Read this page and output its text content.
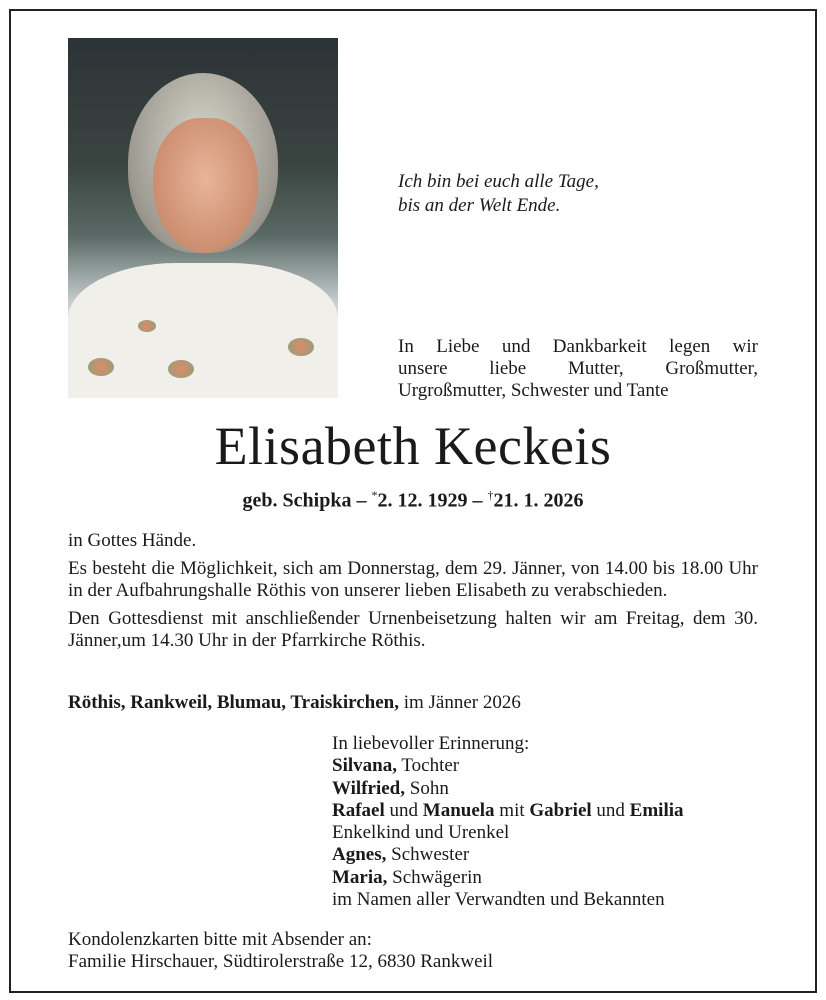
Ich bin bei euch alle Tage,
bis an der Welt Ende.
In Liebe und Dankbarkeit legen wir
unsere liebe Mutter, Großmutter,
Urgroßmutter, Schwester und Tante
Elisabeth Keckeis
geb. Schipka – *2. 12. 1929 – †21. 1. 2026

in Gottes Hände.

Es besteht die Möglichkeit, sich am Donnerstag, dem 29. Jänner, von 14.00 bis 18.00 Uhr in der Aufbahrungshalle Röthis von unserer lieben Elisabeth zu verabschieden.

Den Gottesdienst mit anschließender Urnenbeisetzung halten wir am Freitag, dem 30. Jänner,um 14.30 Uhr in der Pfarrkirche Röthis.

Röthis, Rankweil, Blumau, Traiskirchen, im Jänner 2026
In liebevoller Erinnerung:
Silvana, Tochter
Wilfried, Sohn
Rafael und Manuela mit Gabriel und Emilia
Enkelkind und Urenkel
Agnes, Schwester
Maria, Schwägerin
im Namen aller Verwandten und Bekannten
Kondolenzkarten bitte mit Absender an:
Familie Hirschauer, Südtirolerstraße 12, 6830 Rankweil
